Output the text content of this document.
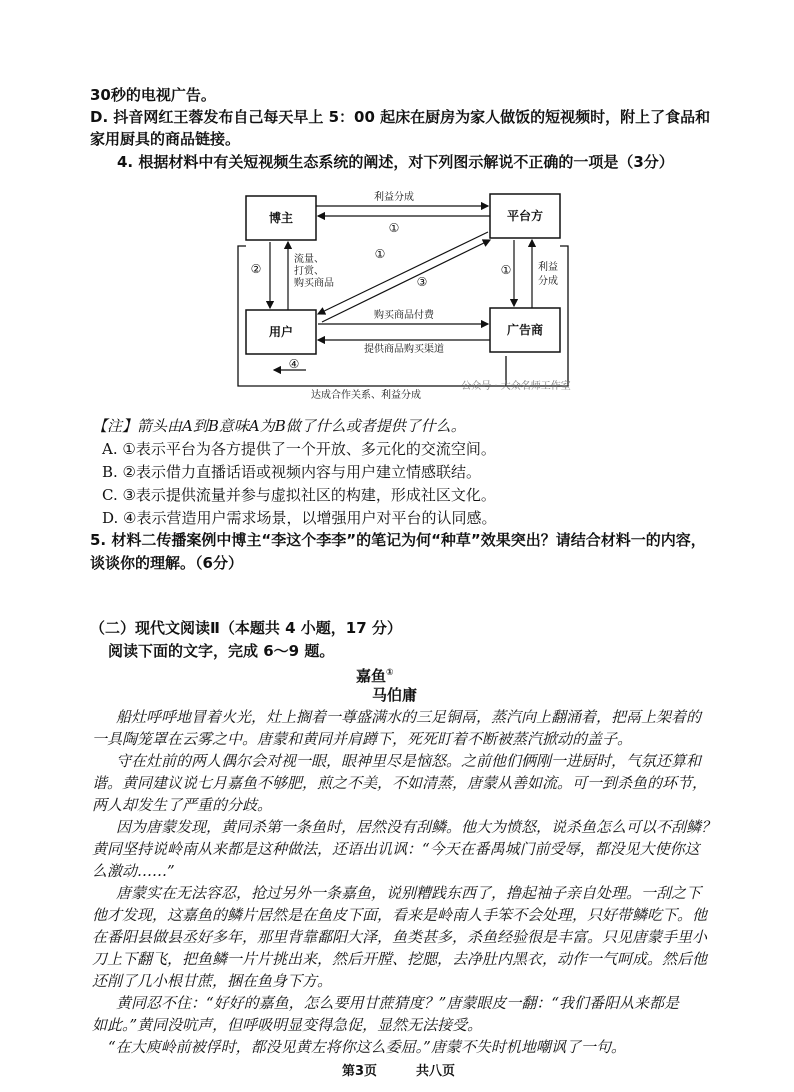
30秒的电视广告。
D. 抖音网红王蓉发布自己每天早上 5：00 起床在厨房为家人做饭的短视频时，附上了食品和
家用厨具的商品链接。
4. 根据材料中有关短视频生态系统的阐述，对下列图示解说不正确的一项是（3分）
博主	平台方
用户	广告商
利益分成
①
②
流量、
打赏、
购买商品
①	利益
分成
①
③
购买商品付费
提供商品购买渠道
④
达成合作关系、利益分成
公众号 · 大众名师工作室
【注】箭头由A到B意味A为B做了什么或者提供了什么。
A. ①表示平台为各方提供了一个开放、多元化的交流空间。
B. ②表示借力直播话语或视频内容与用户建立情感联结。
C. ③表示提供流量并参与虚拟社区的构建，形成社区文化。
D. ④表示营造用户需求场景，以增强用户对平台的认同感。
5. 材料二传播案例中博主“李这个李李”的笔记为何“种草”效果突出？请结合材料一的内容，
谈谈你的理解。（6分）
（二）现代文阅读Ⅱ（本题共 4 小题，17 分）
阅读下面的文字，完成 6～9 题。
嘉鱼①
马伯庸
船灶呼呼地冒着火光，灶上搁着一尊盛满水的三足铜鬲，蒸汽向上翻涌着，把鬲上架着的
一具陶笼罩在云雾之中。唐蒙和黄同并肩蹲下，死死盯着不断被蒸汽掀动的盖子。
守在灶前的两人偶尔会对视一眼，眼神里尽是恼怒。之前他们俩刚一进厨时，气氛还算和
谐。黄同建议说七月嘉鱼不够肥，煎之不美，不如清蒸，唐蒙从善如流。可一到杀鱼的环节，
两人却发生了严重的分歧。
因为唐蒙发现，黄同杀第一条鱼时，居然没有刮鳞。他大为愤怒，说杀鱼怎么可以不刮鳞？
黄同坚持说岭南从来都是这种做法，还语出讥讽：“今天在番禺城门前受辱，都没见大使你这
么激动……”
唐蒙实在无法容忍，抢过另外一条嘉鱼，说别糟践东西了，撸起袖子亲自处理。一刮之下
他才发现，这嘉鱼的鳞片居然是在鱼皮下面，看来是岭南人手笨不会处理，只好带鳞吃下。他
在番阳县做县丞好多年，那里背靠鄱阳大泽，鱼类甚多，杀鱼经验很是丰富。只见唐蒙手里小
刀上下翻飞，把鱼鳞一片片挑出来，然后开膛、挖腮，去净肚内黑衣，动作一气呵成。然后他
还削了几小根甘蔗，捆在鱼身下方。
黄同忍不住：“好好的嘉鱼，怎么要用甘蔗猜度？”唐蒙眼皮一翻：“我们番阳从来都是
如此。”黄同没吭声，但呼吸明显变得急促，显然无法接受。
“在大庾岭前被俘时，都没见黄左将你这么委屈。”唐蒙不失时机地嘲讽了一句。
第3页	共八页
